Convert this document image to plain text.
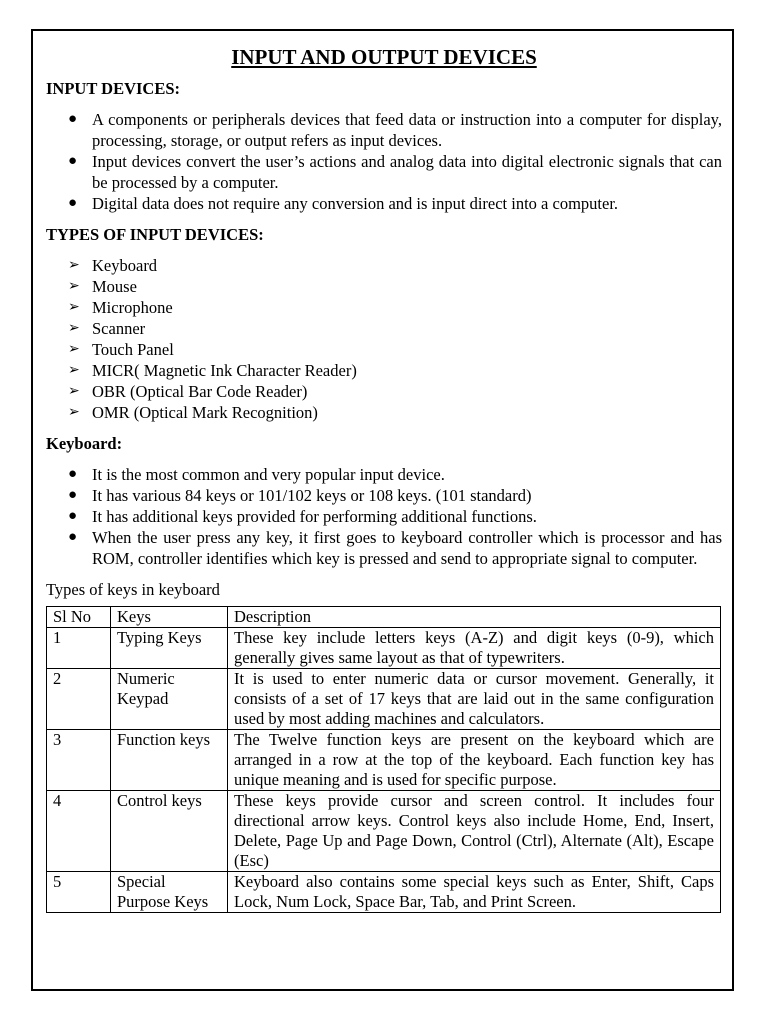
INPUT AND OUTPUT DEVICES
INPUT DEVICES:
● A components or peripherals devices that feed data or instruction into a computer for display, processing, storage, or output refers as input devices.
● Input devices convert the user’s actions and analog data into digital electronic signals that can be processed by a computer.
● Digital data does not require any conversion and is input direct into a computer.
TYPES OF INPUT DEVICES:
➢ Keyboard
➢ Mouse
➢ Microphone
➢ Scanner
➢ Touch Panel
➢ MICR( Magnetic Ink Character Reader)
➢ OBR (Optical Bar Code Reader)
➢ OMR (Optical Mark Recognition)
Keyboard:
● It is the most common and very popular input device.
● It has various 84 keys or 101/102 keys or 108 keys. (101 standard)
● It has additional keys provided for performing additional functions.
● When the user press any key, it first goes to keyboard controller which is processor and has ROM, controller identifies which key is pressed and send to appropriate signal to computer.
Types of keys in keyboard
Sl No	Keys	Description
1	Typing Keys	These key include letters keys (A-Z) and digit keys (0-9), which generally gives same layout as that of typewriters.
2	Numeric Keypad	It is used to enter numeric data or cursor movement. Generally, it consists of a set of 17 keys that are laid out in the same configuration used by most adding machines and calculators.
3	Function keys	The Twelve function keys are present on the keyboard which are arranged in a row at the top of the keyboard. Each function key has unique meaning and is used for specific purpose.
4	Control keys	These keys provide cursor and screen control. It includes four directional arrow keys. Control keys also include Home, End, Insert, Delete, Page Up and Page Down, Control (Ctrl), Alternate (Alt), Escape (Esc)
5	Special Purpose Keys	Keyboard also contains some special keys such as Enter, Shift, Caps Lock, Num Lock, Space Bar, Tab, and Print Screen.
